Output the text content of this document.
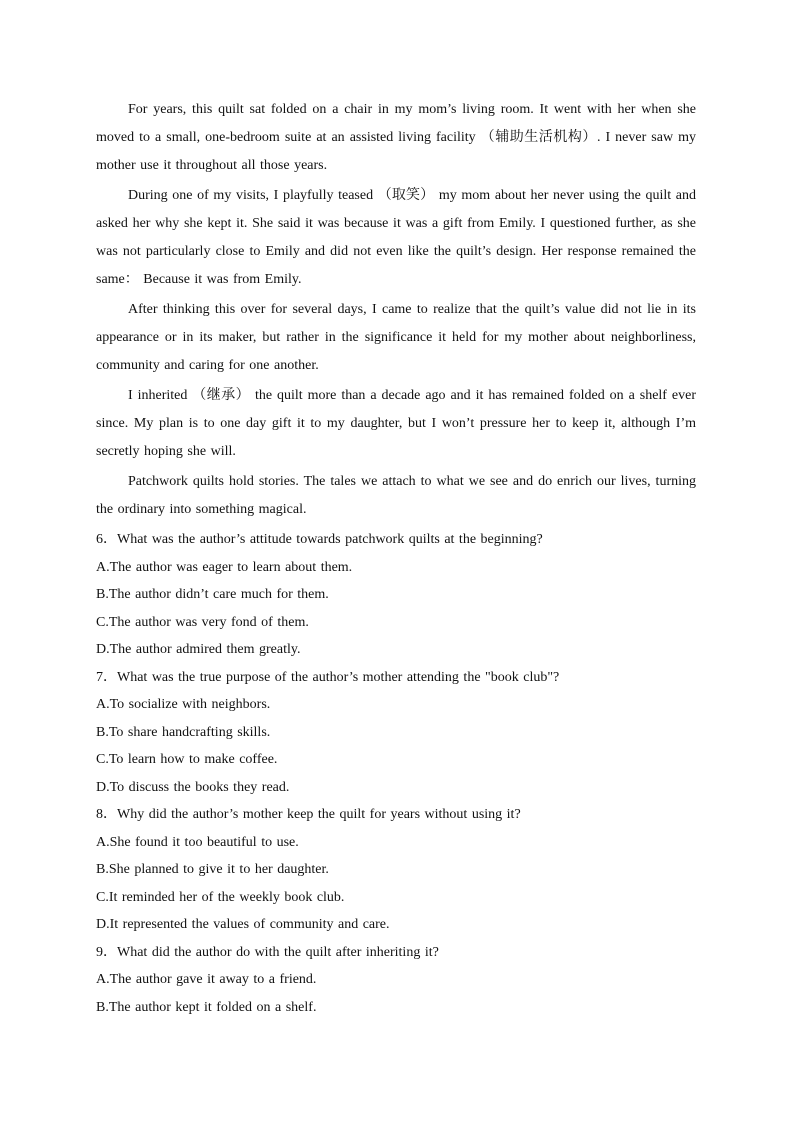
For years, this quilt sat folded on a chair in my mom’s living room. It went with her when she moved to a small, one-bedroom suite at an assisted living facility （辅助生活机构）. I never saw my mother use it throughout all those years.

During one of my visits, I playfully teased （取笑） my mom about her never using the quilt and asked her why she kept it. She said it was because it was a gift from Emily. I questioned further, as she was not particularly close to Emily and did not even like the quilt’s design. Her response remained the same： Because it was from Emily.

After thinking this over for several days, I came to realize that the quilt’s value did not lie in its appearance or in its maker, but rather in the significance it held for my mother about neighborliness, community and caring for one another.

I inherited （继承） the quilt more than a decade ago and it has remained folded on a shelf ever since. My plan is to one day gift it to my daughter, but I won’t pressure her to keep it, although I’m secretly hoping she will.

Patchwork quilts hold stories. The tales we attach to what we see and do enrich our lives, turning the ordinary into something magical.

6．What was the author’s attitude towards patchwork quilts at the beginning?

A.The author was eager to learn about them.

B.The author didn’t care much for them.

C.The author was very fond of them.

D.The author admired them greatly.

7．What was the true purpose of the author’s mother attending the "book club"?

A.To socialize with neighbors.

B.To share handcrafting skills.

C.To learn how to make coffee.

D.To discuss the books they read.

8．Why did the author’s mother keep the quilt for years without using it?

A.She found it too beautiful to use.

B.She planned to give it to her daughter.

C.It reminded her of the weekly book club.

D.It represented the values of community and care.

9．What did the author do with the quilt after inheriting it?

A.The author gave it away to a friend.

B.The author kept it folded on a shelf.
